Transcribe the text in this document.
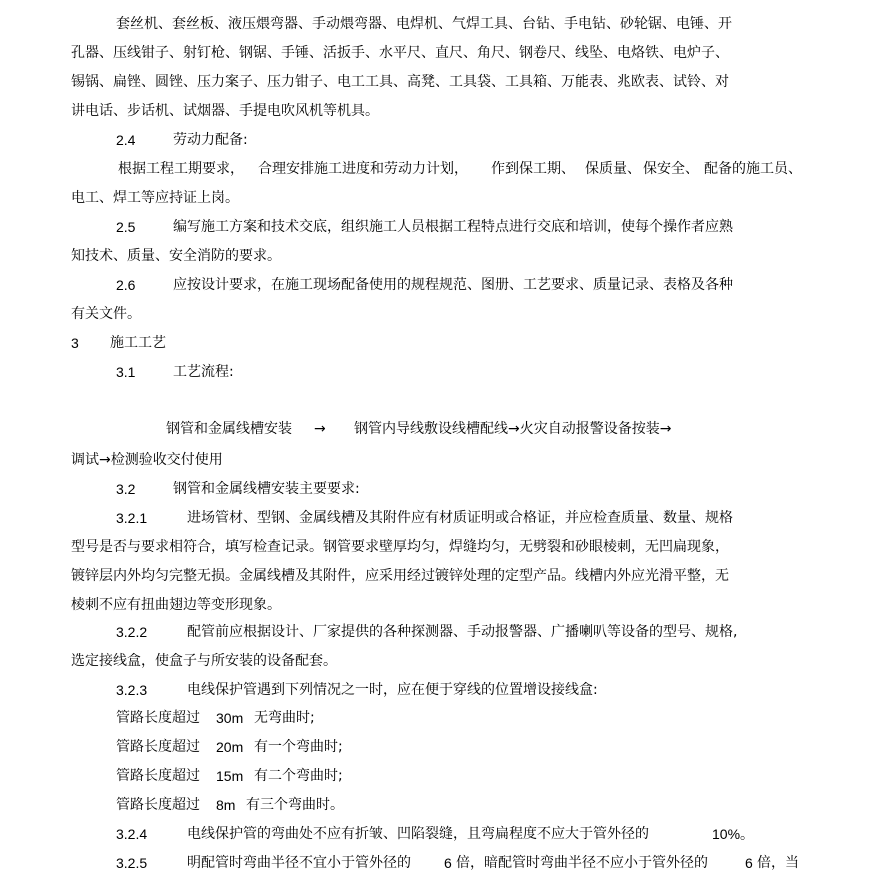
套丝机、套丝板、液压煨弯器、手动煨弯器、电焊机、气焊工具、台钻、手电钻、砂轮锯、电锤、开
孔器、压线钳子、射钉枪、钢锯、手锤、活扳手、水平尺、直尺、角尺、钢卷尺、线坠、电烙铁、电炉子、
锡锅、扁锉、圆锉、压力案子、压力钳子、电工工具、高凳、工具袋、工具箱、万能表、兆欧表、试铃、对
讲电话、步话机、试烟器、手提电吹风机等机具。
2.4	劳动力配备:
根据工程工期要求， 合理安排施工进度和劳动力计划， 作到保工期、 保质量、 保安全、 配备的施工员、
电工、焊工等应持证上岗。
2.5	编写施工方案和技术交底，组织施工人员根据工程特点进行交底和培训，使每个操作者应熟
知技术、质量、安全消防的要求。
2.6	应按设计要求，在施工现场配备使用的规程规范、图册、工艺要求、质量记录、表格及各种
有关文件。
3 施工工艺
3.1	工艺流程:
钢管和金属线槽安装 → 钢管内导线敷设线槽配线→火灾自动报警设备按装→
调试→检测验收交付使用
3.2	钢管和金属线槽安装主要要求:
3.2.1	进场管材、型钢、金属线槽及其附件应有材质证明或合格证，并应检查质量、数量、规格
型号是否与要求相符合，填写检查记录。钢管要求壁厚均匀，焊缝均匀，无劈裂和砂眼棱刺，无凹扁现象，
镀锌层内外均匀完整无损。金属线槽及其附件，应采用经过镀锌处理的定型产品。线槽内外应光滑平整，无
棱刺不应有扭曲翅边等变形现象。
3.2.2	配管前应根据设计、厂家提供的各种探测器、手动报警器、广播喇叭等设备的型号、规格,
选定接线盒，使盒子与所安装的设备配套。
3.2.3	电线保护管遇到下列情况之一时，应在便于穿线的位置增设接线盒:
管路长度超过 30m 无弯曲时;
管路长度超过 20m 有一个弯曲时;
管路长度超过 15m 有二个弯曲时;
管路长度超过 8m 有三个弯曲时。
3.2.4	电线保护管的弯曲处不应有折皱、凹陷裂缝，且弯扁程度不应大于管外径的	10%。
3.2.5	明配管时弯曲半径不宜小于管外径的 6 倍，暗配管时弯曲半径不应小于管外径的	6 倍，当
